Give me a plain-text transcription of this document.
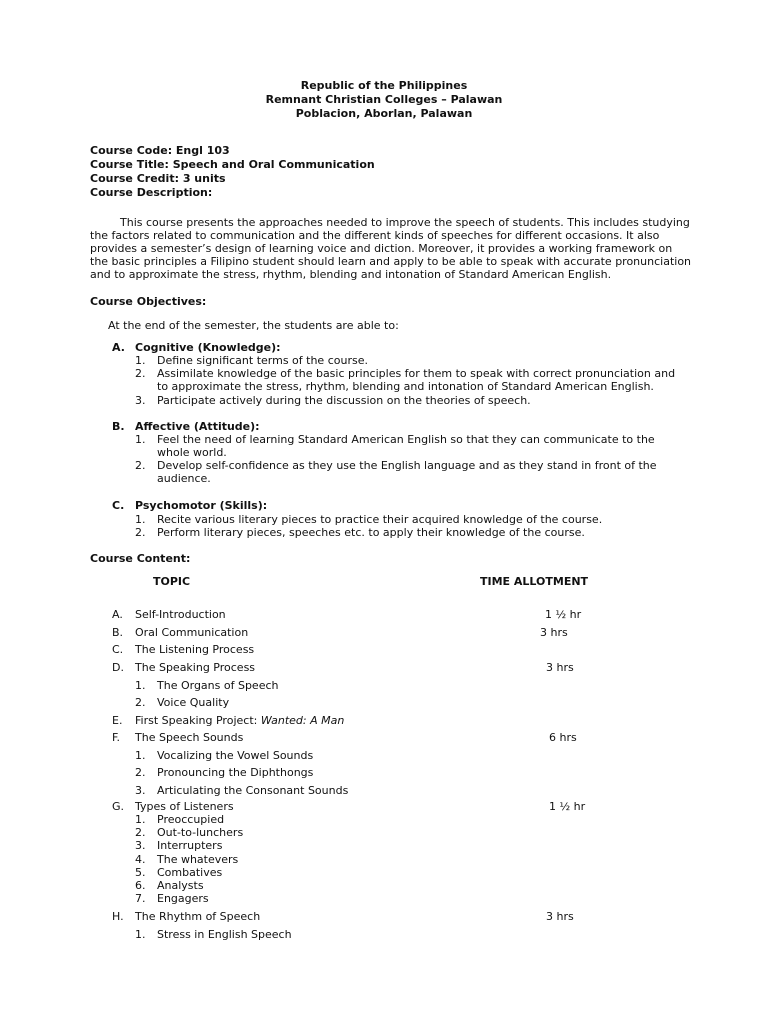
Republic of the Philippines
Remnant Christian Colleges – Palawan
Poblacion, Aborlan, Palawan
Course Code: Engl 103
Course Title: Speech and Oral Communication
Course Credit: 3 units
Course Description:
This course presents the approaches needed to improve the speech of students. This includes studying
the factors related to communication and the different kinds of speeches for different occasions. It also
provides a semester’s design of learning voice and diction. Moreover, it provides a working framework on
the basic principles a Filipino student should learn and apply to be able to speak with accurate pronunciation
and to approximate the stress, rhythm, blending and intonation of Standard American English.
Course Objectives:
At the end of the semester, the students are able to:
A. Cognitive (Knowledge):
1. Define significant terms of the course.
2. Assimilate knowledge of the basic principles for them to speak with correct pronunciation and
to approximate the stress, rhythm, blending and intonation of Standard American English.
3. Participate actively during the discussion on the theories of speech.
B. Affective (Attitude):
1. Feel the need of learning Standard American English so that they can communicate to the
whole world.
2. Develop self-confidence as they use the English language and as they stand in front of the
audience.
C. Psychomotor (Skills):
1. Recite various literary pieces to practice their acquired knowledge of the course.
2. Perform literary pieces, speeches etc. to apply their knowledge of the course.
Course Content:
TOPIC	TIME ALLOTMENT
A. Self-Introduction	1 ½ hr
B. Oral Communication	3 hrs
C. The Listening Process
D. The Speaking Process	3 hrs
1. The Organs of Speech
2. Voice Quality
E. First Speaking Project: Wanted: A Man
F. The Speech Sounds	6 hrs
1. Vocalizing the Vowel Sounds
2. Pronouncing the Diphthongs
3. Articulating the Consonant Sounds
G. Types of Listeners	1 ½ hr
1. Preoccupied
2. Out-to-lunchers
3. Interrupters
4. The whatevers
5. Combatives
6. Analysts
7. Engagers
H. The Rhythm of Speech	3 hrs
1. Stress in English Speech
